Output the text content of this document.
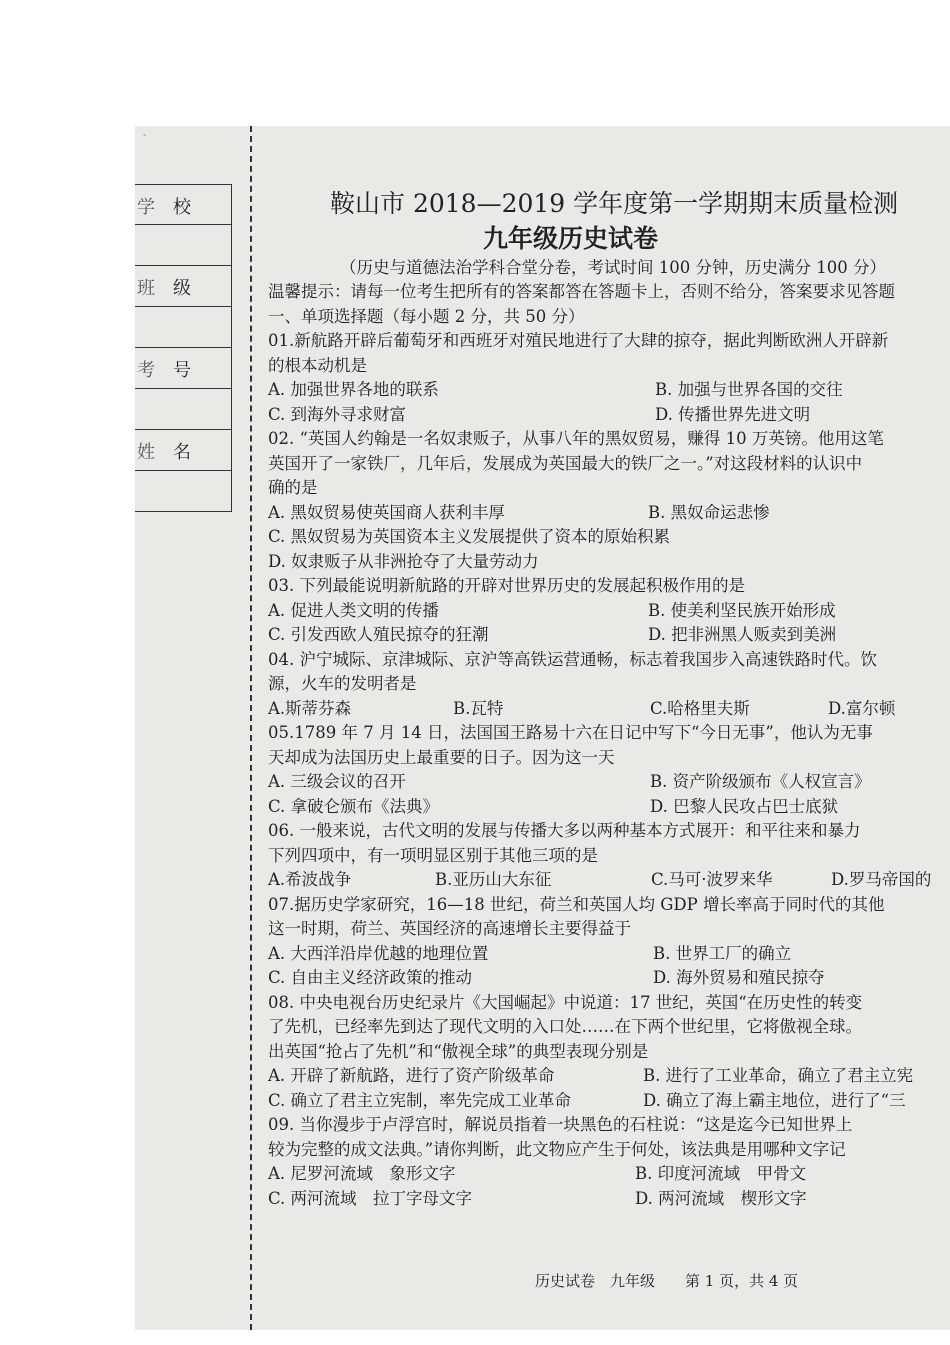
-
学 校
班 级
考 号
姓 名
鞍山市 2018—2019 学年度第一学期期末质量检测
九年级历史试卷
（历史与道德法治学科合堂分卷，考试时间 100 分钟，历史满分 100 分）
温馨提示：请每一位考生把所有的答案都答在答题卡上，否则不给分，答案要求见答题
一、单项选择题（每小题 2 分，共 50 分）
01.新航路开辟后葡萄牙和西班牙对殖民地进行了大肆的掠夺，据此判断欧洲人开辟新
的根本动机是
A. 加强世界各地的联系	B. 加强与世界各国的交往
C. 到海外寻求财富	D. 传播世界先进文明
02. “英国人约翰是一名奴隶贩子，从事八年的黑奴贸易，赚得 10 万英镑。他用这笔
英国开了一家铁厂，几年后，发展成为英国最大的铁厂之一。”对这段材料的认识中
确的是
A. 黑奴贸易使英国商人获利丰厚	B. 黑奴命运悲惨
C. 黑奴贸易为英国资本主义发展提供了资本的原始积累
D. 奴隶贩子从非洲抢夺了大量劳动力
03. 下列最能说明新航路的开辟对世界历史的发展起积极作用的是
A. 促进人类文明的传播	B. 使美利坚民族开始形成
C. 引发西欧人殖民掠夺的狂潮	D. 把非洲黑人贩卖到美洲
04. 沪宁城际、京津城际、京沪等高铁运营通畅，标志着我国步入高速铁路时代。饮
源，火车的发明者是
A.斯蒂芬森	B.瓦特	C.哈格里夫斯	D.富尔顿
05.1789 年 7 月 14 日，法国国王路易十六在日记中写下“今日无事”，他认为无事
天却成为法国历史上最重要的日子。因为这一天
A. 三级会议的召开	B. 资产阶级颁布《人权宣言》
C. 拿破仑颁布《法典》	D. 巴黎人民攻占巴士底狱
06. 一般来说，古代文明的发展与传播大多以两种基本方式展开：和平往来和暴力
下列四项中，有一项明显区别于其他三项的是
A.希波战争	B.亚历山大东征	C.马可·波罗来华	D.罗马帝国的
07.据历史学家研究，16—18 世纪，荷兰和英国人均 GDP 增长率高于同时代的其他
这一时期，荷兰、英国经济的高速增长主要得益于
A. 大西洋沿岸优越的地理位置	B. 世界工厂的确立
C. 自由主义经济政策的推动	D. 海外贸易和殖民掠夺
08. 中央电视台历史纪录片《大国崛起》中说道：17 世纪，英国“在历史性的转变
了先机，已经率先到达了现代文明的入口处……在下两个世纪里，它将傲视全球。
出英国“抢占了先机”和“傲视全球”的典型表现分别是
A. 开辟了新航路，进行了资产阶级革命	B. 进行了工业革命，确立了君主立宪
C. 确立了君主立宪制，率先完成工业革命	D. 确立了海上霸主地位，进行了“三
09. 当你漫步于卢浮宫时，解说员指着一块黑色的石柱说：“这是迄今已知世界上
较为完整的成文法典。”请你判断，此文物应产生于何处，该法典是用哪种文字记
A. 尼罗河流域　象形文字	B. 印度河流域　甲骨文
C. 两河流域　拉丁字母文字	D. 两河流域　楔形文字
历史试卷　九年级　　第 1 页，共 4 页
